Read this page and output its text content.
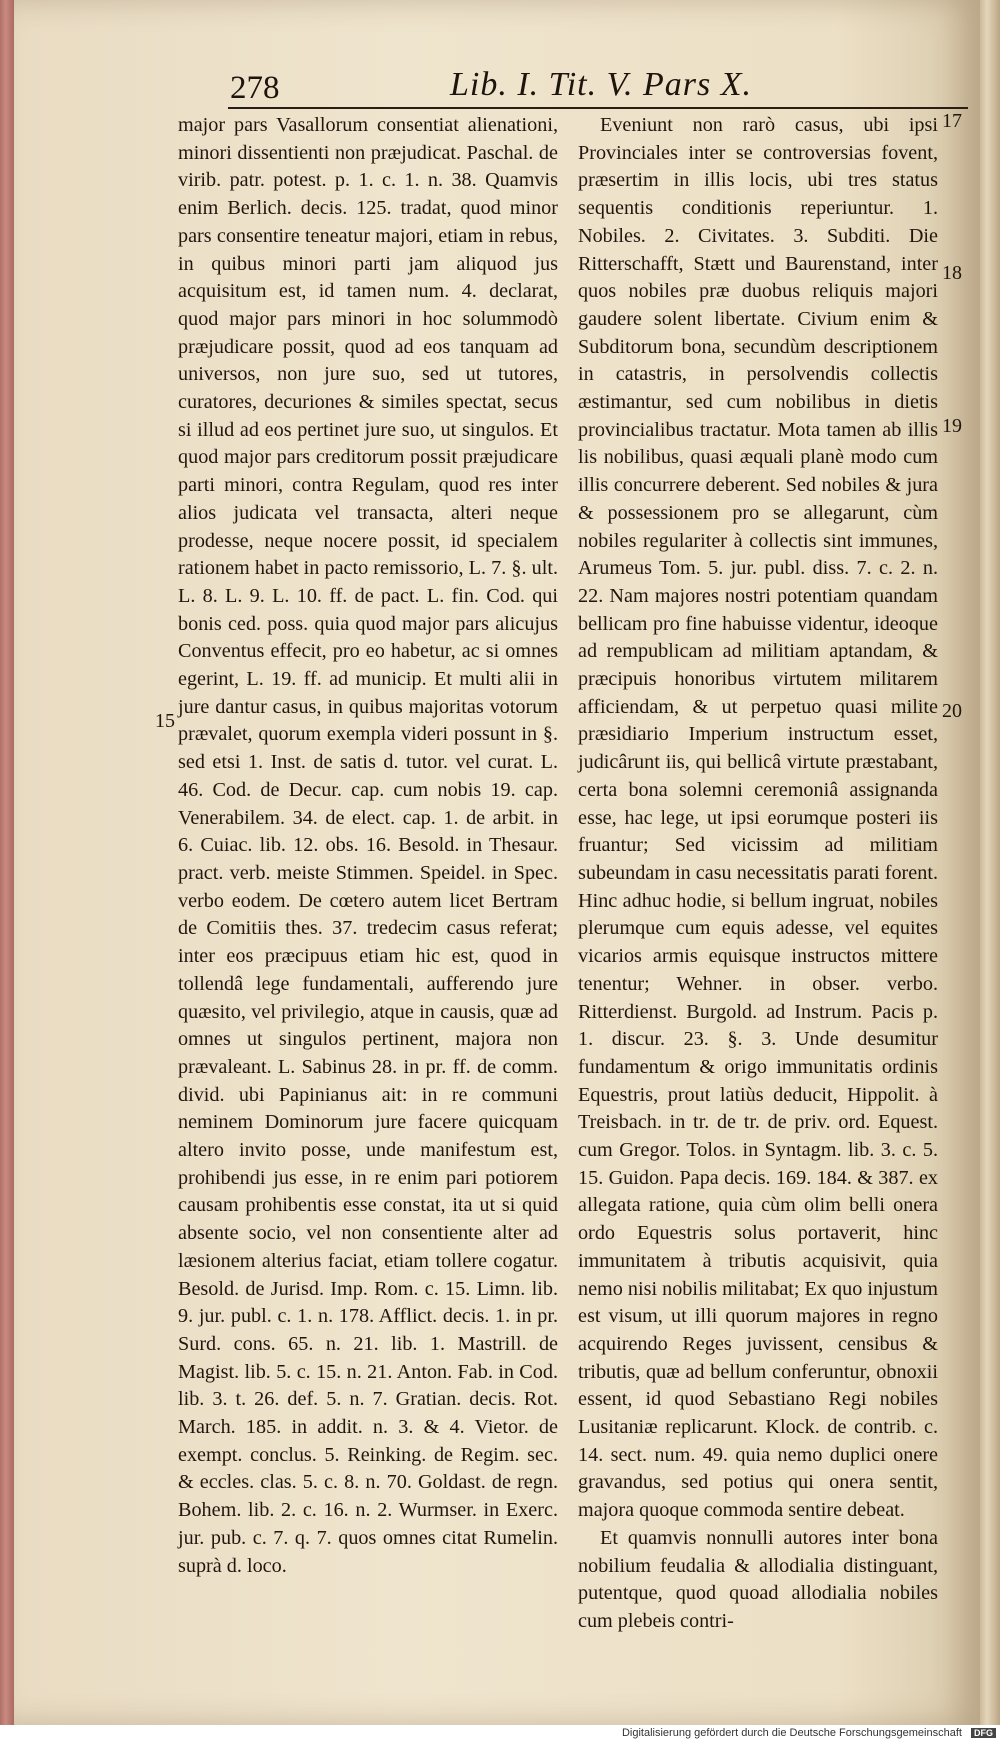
278	Lib. I. Tit. V. Pars X.

major pars Vasallorum consentiat alienationi, minori dissentienti non præjudicat. Paschal. de virib. patr. potest. p. 1. c. 1. n. 38. Quamvis enim Berlich. decis. 125. tradat, quod minor pars consentire teneatur majori, etiam in rebus, in quibus minori parti jam aliquod jus acquisitum est, id tamen num. 4. declarat, quod major pars minori in hoc solummodò præjudicare possit, quod ad eos tanquam ad universos, non jure suo, sed ut tutores, curatores, decuriones & similes spectat, secus si illud ad eos pertinet jure suo, ut singulos. Et quod major pars creditorum possit præjudicare parti minori, contra Regulam, quod res inter alios judicata vel transacta, alteri neque prodesse, neque nocere possit, id specialem rationem habet in pacto remissorio, L. 7. §. ult. L. 8. L. 9. L. 10. ff. de pact. L. fin. Cod. qui bonis ced. poss. quia quod major pars alicujus Conventus effecit, pro eo habetur, ac si omnes egerint, L. 19. ff. ad municip. Et multi alii in jure dantur casus, in quibus majoritas votorum prævalet, quorum exempla videri possunt in §. sed etsi 1. Inst. de satis d. tutor. vel curat. L. 46. Cod. de Decur. cap. cum nobis 19. cap. Venerabilem. 34. de elect. cap. 1. de arbit. in 6. Cuiac. lib. 12. obs. 16. Besold. in Thesaur. pract. verb. meiste Stimmen. Speidel. in Spec. verbo eodem. De cœtero autem licet Bertram de Comitiis thes. 37. tredecim casus referat; inter eos præcipuus etiam hic est, quod in tollendâ lege fundamentali, aufferendo jure quæsito, vel privilegio, atque in causis, quæ ad omnes ut singulos pertinent, majora non prævaleant. L. Sabinus 28. in pr. ff. de comm. divid. ubi Papinianus ait: in re communi neminem Dominorum jure facere quicquam altero invito posse, unde manifestum est, prohibendi jus esse, in re enim pari potiorem causam prohibentis esse constat, ita ut si quid absente socio, vel non consentiente alter ad læsionem alterius faciat, etiam tollere cogatur. Besold. de Jurisd. Imp. Rom. c. 15. Limn. lib. 9. jur. publ. c. 1. n. 178. Afflict. decis. 1. in pr. Surd. cons. 65. n. 21. lib. 1. Mastrill. de Magist. lib. 5. c. 15. n. 21. Anton. Fab. in Cod. lib. 3. t. 26. def. 5. n. 7. Gratian. decis. Rot. March. 185. in addit. n. 3. & 4. Vietor. de exempt. conclus. 5. Reinking. de Regim. sec. & eccles. clas. 5. c. 8. n. 70. Goldast. de regn. Bohem. lib. 2. c. 16. n. 2. Wurmser. in Exerc. jur. pub. c. 7. q. 7. quos omnes citat Rumelin. suprà d. loco.

Eveniunt non rarò casus, ubi ipsi Provinciales inter se controversias fovent, præsertim in illis locis, ubi tres status sequentis conditionis reperiuntur. 1. Nobiles. 2. Civitates. 3. Subditi. Die Ritterschafft, Stætt und Baurenstand, inter quos nobiles præ duobus reliquis majori gaudere solent libertate. Civium enim & Subditorum bona, secundùm descriptionem in catastris, in persolvendis collectis æstimantur, sed cum nobilibus in dietis provincialibus tractatur. Mota tamen ab illis lis nobilibus, quasi æquali planè modo cum illis concurrere deberent. Sed nobiles & jura & possessionem pro se allegarunt, cùm nobiles regulariter à collectis sint immunes, Arumeus Tom. 5. jur. publ. diss. 7. c. 2. n. 22. Nam majores nostri potentiam quandam bellicam pro fine habuisse videntur, ideoque ad rempublicam ad militiam aptandam, & præcipuis honoribus virtutem militarem afficiendam, & ut perpetuo quasi milite præsidiario Imperium instructum esset, judicârunt iis, qui bellicâ virtute præstabant, certa bona solemni ceremoniâ assignanda esse, hac lege, ut ipsi eorumque posteri iis fruantur; Sed vicissim ad militiam subeundam in casu necessitatis parati forent. Hinc adhuc hodie, si bellum ingruat, nobiles plerumque cum equis adesse, vel equites vicarios armis equisque instructos mittere tenentur; Wehner. in obser. verbo. Ritterdienst. Burgold. ad Instrum. Pacis p. 1. discur. 23. §. 3. Unde desumitur fundamentum & origo immunitatis ordinis Equestris, prout latiùs deducit, Hippolit. à Treisbach. in tr. de tr. de priv. ord. Equest. cum Gregor. Tolos. in Syntagm. lib. 3. c. 5. 15. Guidon. Papa decis. 169. 184. & 387. ex allegata ratione, quia cùm olim belli onera ordo Equestris solus portaverit, hinc immunitatem à tributis acquisivit, quia nemo nisi nobilis militabat; Ex quo injustum est visum, ut illi quorum majores in regno acquirendo Reges juvissent, censibus & tributis, quæ ad bellum conferuntur, obnoxii essent, id quod Sebastiano Regi nobiles Lusitaniæ replicarunt. Klock. de contrib. c. 14. sect. num. 49. quia nemo duplici onere gravandus, sed potius qui onera sentit, majora quoque commoda sentire debeat.

Et quamvis nonnulli autores inter bona nobilium feudalia & allodialia distinguant, putentque, quod quoad allodialia nobiles cum plebeis contri-

15
17
18
19
20
Digitalisierung gefördert durch die Deutsche Forschungsgemeinschaft DFG
